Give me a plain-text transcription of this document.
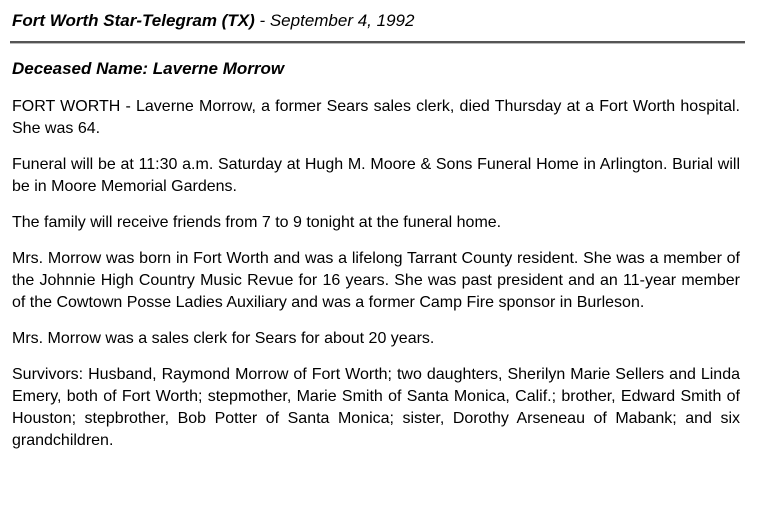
Fort Worth Star-Telegram (TX) - September 4, 1992
Deceased Name: Laverne Morrow

FORT WORTH - Laverne Morrow, a former Sears sales clerk, died Thursday at a Fort Worth hospital. She was 64.

Funeral will be at 11:30 a.m. Saturday at Hugh M. Moore & Sons Funeral Home in Arlington. Burial will be in Moore Memorial Gardens.

The family will receive friends from 7 to 9 tonight at the funeral home.

Mrs. Morrow was born in Fort Worth and was a lifelong Tarrant County resident. She was a member of the Johnnie High Country Music Revue for 16 years. She was past president and an 11-year member of the Cowtown Posse Ladies Auxiliary and was a former Camp Fire sponsor in Burleson.

Mrs. Morrow was a sales clerk for Sears for about 20 years.

Survivors: Husband, Raymond Morrow of Fort Worth; two daughters, Sherilyn Marie Sellers and Linda Emery, both of Fort Worth; stepmother, Marie Smith of Santa Monica, Calif.; brother, Edward Smith of Houston; stepbrother, Bob Potter of Santa Monica; sister, Dorothy Arseneau of Mabank; and six grandchildren.
